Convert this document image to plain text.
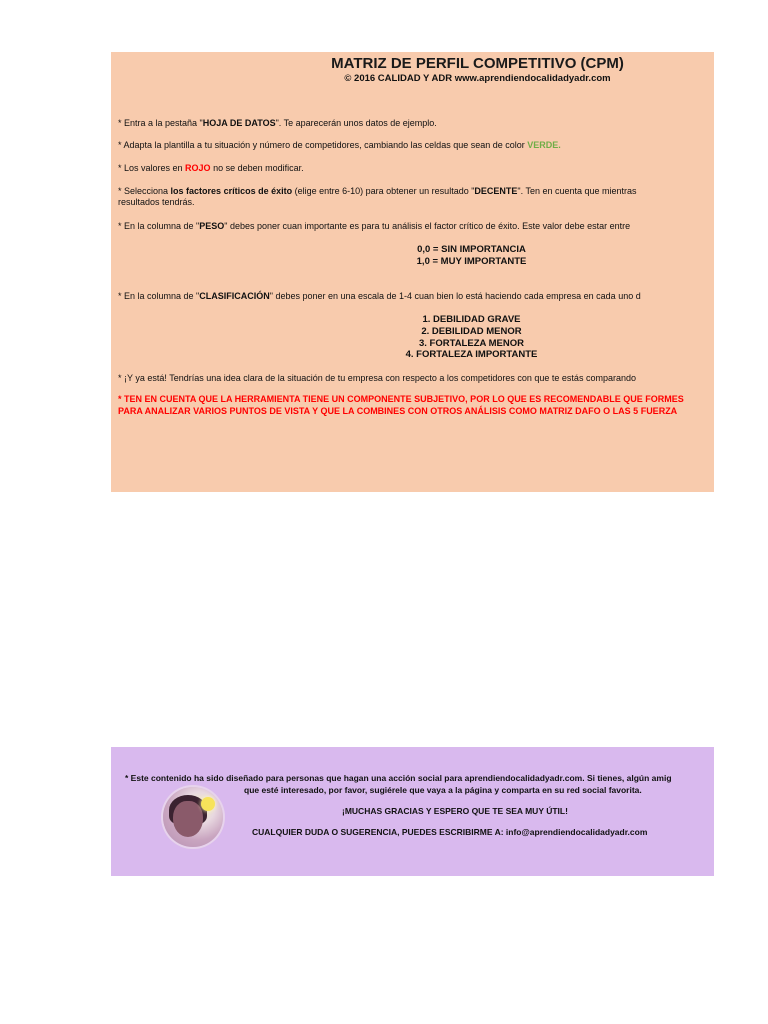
MATRIZ DE PERFIL COMPETITIVO (CPM)
© 2016 CALIDAD Y ADR www.aprendiendocalidadyadr.com
* Entra a la pestaña "HOJA DE DATOS". Te aparecerán unos datos de ejemplo.
* Adapta la plantilla a tu situación y número de competidores, cambiando las celdas que sean de color VERDE.
* Los valores en ROJO no se deben modificar.
* Selecciona los factores críticos de éxito (elige entre 6-10) para obtener un resultado "DECENTE". Ten en cuenta que mientras
resultados tendrás.
* En la columna de "PESO" debes poner cuan importante es para tu análisis el factor crítico de éxito. Este valor debe estar entre
0,0 = SIN IMPORTANCIA
1,0 = MUY IMPORTANTE
* En la columna de "CLASIFICACIÓN" debes poner en una escala de 1-4 cuan bien lo está haciendo cada empresa en cada uno d
1. DEBILIDAD GRAVE
2. DEBILIDAD MENOR
3. FORTALEZA MENOR
4. FORTALEZA IMPORTANTE
* ¡Y ya está! Tendrías una idea clara de la situación de tu empresa con respecto a los competidores con que te estás comparando
* TEN EN CUENTA QUE LA HERRAMIENTA TIENE UN COMPONENTE SUBJETIVO, POR LO QUE ES RECOMENDABLE QUE FORMES
PARA ANALIZAR VARIOS PUNTOS DE VISTA Y QUE LA COMBINES CON OTROS ANÁLISIS COMO MATRIZ DAFO O LAS 5 FUERZA
* Este contenido ha sido diseñado para personas que hagan una acción social para aprendiendocalidadyadr.com. Si tienes, algún amig
que esté interesado, por favor, sugiérele que vaya a la página y comparta en su red social favorita.
¡MUCHAS GRACIAS Y ESPERO QUE TE SEA MUY ÚTIL!
CUALQUIER DUDA O SUGERENCIA, PUEDES ESCRIBIRME A: info@aprendiendocalidadyadr.com
